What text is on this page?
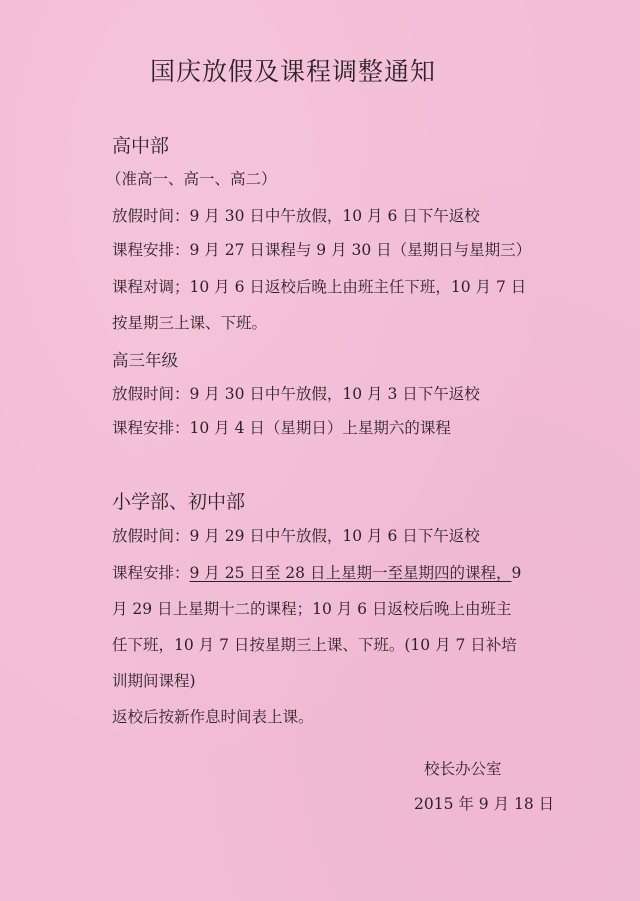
国庆放假及课程调整通知
高中部
（准高一、高一、高二）
放假时间：9 月 30 日中午放假，10 月 6 日下午返校
课程安排：9 月 27 日课程与 9 月 30 日（星期日与星期三）
课程对调；10 月 6 日返校后晚上由班主任下班，10 月 7 日
按星期三上课、下班。
高三年级
放假时间：9 月 30 日中午放假，10 月 3 日下午返校
课程安排：10 月 4 日（星期日）上星期六的课程
小学部、初中部
放假时间：9 月 29 日中午放假，10 月 6 日下午返校
课程安排：9 月 25 日至 28 日上星期一至星期四的课程，9
月 29 日上星期十二的课程；10 月 6 日返校后晚上由班主
任下班，10 月 7 日按星期三上课、下班。(10 月 7 日补培
训期间课程)
返校后按新作息时间表上课。
校长办公室
2015 年 9 月 18 日
